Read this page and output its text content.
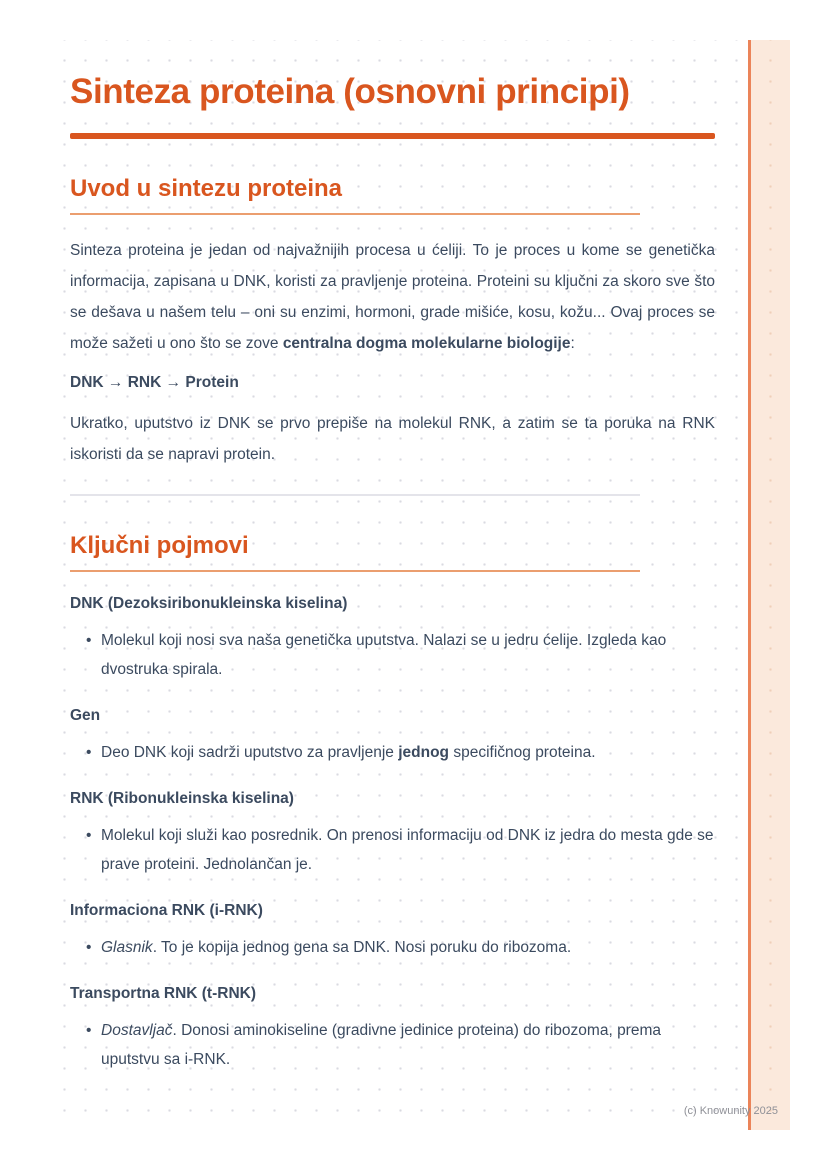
Sinteza proteina (osnovni principi)
Uvod u sintezu proteina

Sinteza proteina je jedan od najvažnijih procesa u ćeliji. To je proces u kome se genetička informacija, zapisana u DNK, koristi za pravljenje proteina. Proteini su ključni za skoro sve što se dešava u našem telu – oni su enzimi, hormoni, grade mišiće, kosu, kožu... Ovaj proces se može sažeti u ono što se zove centralna dogma molekularne biologije:

DNK → RNK → Protein

Ukratko, uputstvo iz DNK se prvo prepiše na molekul RNK, a zatim se ta poruka na RNK iskoristi da se napravi protein.

Ključni pojmovi

DNK (Dezoksiribonukleinska kiselina)

• Molekul koji nosi sva naša genetička uputstva. Nalazi se u jedru ćelije. Izgleda kao dvostruka spirala.

Gen

• Deo DNK koji sadrži uputstvo za pravljenje jednog specifičnog proteina.

RNK (Ribonukleinska kiselina)

• Molekul koji služi kao posrednik. On prenosi informaciju od DNK iz jedra do mesta gde se prave proteini. Jednolančan je.

Informaciona RNK (i-RNK)

• Glasnik. To je kopija jednog gena sa DNK. Nosi poruku do ribozoma.

Transportna RNK (t-RNK)

• Dostavljač. Donosi aminokiseline (gradivne jedinice proteina) do ribozoma, prema uputstvu sa i-RNK.
(c) Knowunity 2025
